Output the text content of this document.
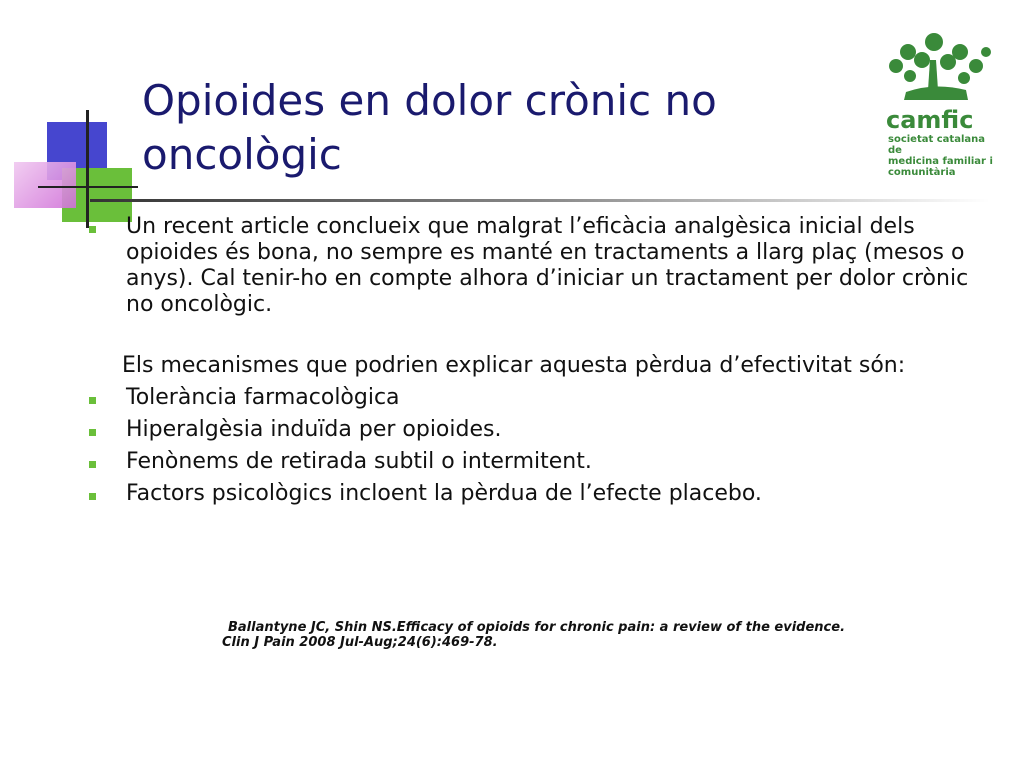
Opioides en dolor crònic no oncològic
camfic
societat catalana de
medicina familiar i
comunitària
Un recent article conclueix que malgrat l’eficàcia analgèsica inicial dels opioides és bona, no sempre es manté en tractaments a llarg plaç (mesos o anys). Cal tenir-ho en compte alhora d’iniciar un tractament per dolor crònic no oncològic.

Els mecanismes que podrien explicar aquesta pèrdua d’efectivitat són:

Tolerància farmacològica
Hiperalgèsia induïda per opioides.
Fenònems de retirada subtil o intermitent.
Factors psicològics incloent la pèrdua de l’efecte placebo.
Ballantyne JC, Shin NS.Efficacy of opioids for chronic pain: a review of the evidence.
Clin J Pain 2008 Jul-Aug;24(6):469-78.
